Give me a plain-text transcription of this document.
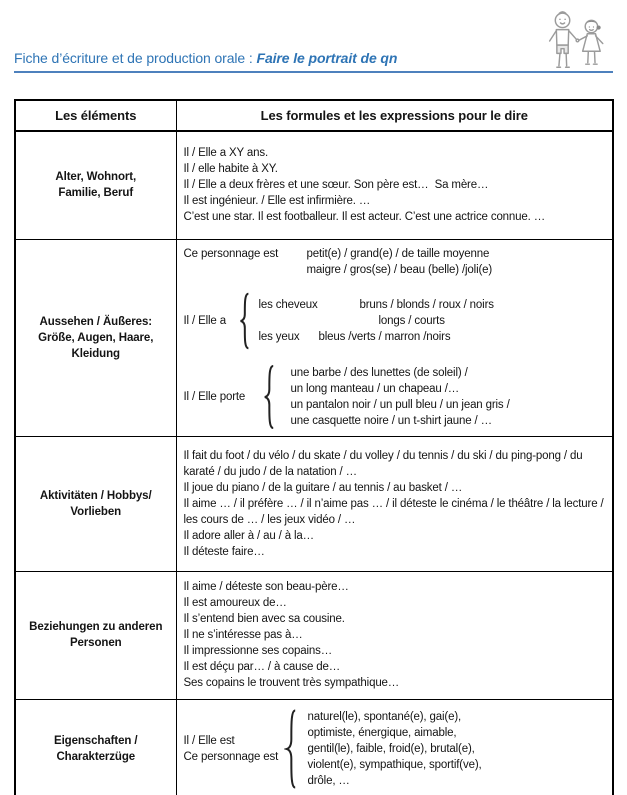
Fiche d’écriture et de production orale : Faire le portrait de qn
Les éléments	Les formules et les expressions pour le dire

Alter, Wohnort,
Familie, Beruf

Il / Elle a XY ans.
Il / elle habite à XY.
Il / Elle a deux frères et une sœur. Son père est…  Sa mère…
Il est ingénieur. / Elle est infirmière. …
C’est une star. Il est footballeur. Il est acteur. C’est une actrice connue. …

Aussehen / Äußeres:
Größe, Augen, Haare,
Kleidung

Ce personnage est	petit(e) / grand(e) / de taille moyenne
maigre / gros(se) / beau (belle) /joli(e)
Il / Elle a
les cheveux	bruns / blonds / roux / noirs
longs / courts
les yeux bleus /verts / marron /noirs
Il / Elle porte
une barbe / des lunettes (de soleil) /
un long manteau / un chapeau /…
un pantalon noir / un pull bleu / un jean gris /
une casquette noire / un t-shirt jaune / …

Aktivitäten / Hobbys/
Vorlieben

Il fait du foot / du vélo / du skate / du volley / du tennis / du ski / du ping-pong / du karaté / du judo / de la natation / …
Il joue du piano / de la guitare / au tennis / au basket / …
Il aime … / il préfère … / il n’aime pas … / il déteste le cinéma / le théâtre / la lecture / les cours de … / les jeux vidéo / …
Il adore aller à / au / à la…
Il déteste faire…

Beziehungen zu anderen
Personen

Il aime / déteste son beau-père…
Il est amoureux de…
Il s’entend bien avec sa cousine.
Il ne s’intéresse pas à…
Il impressionne ses copains…
Il est déçu par… / à cause de…
Ses copains le trouvent très sympathique…

Eigenschaften /
Charakterzüge

Il / Elle est
Ce personnage est
naturel(le), spontané(e), gai(e),
optimiste, énergique, aimable,
gentil(le), faible, froid(e), brutal(e),
violent(e), sympathique, sportif(ve),
drôle, …
